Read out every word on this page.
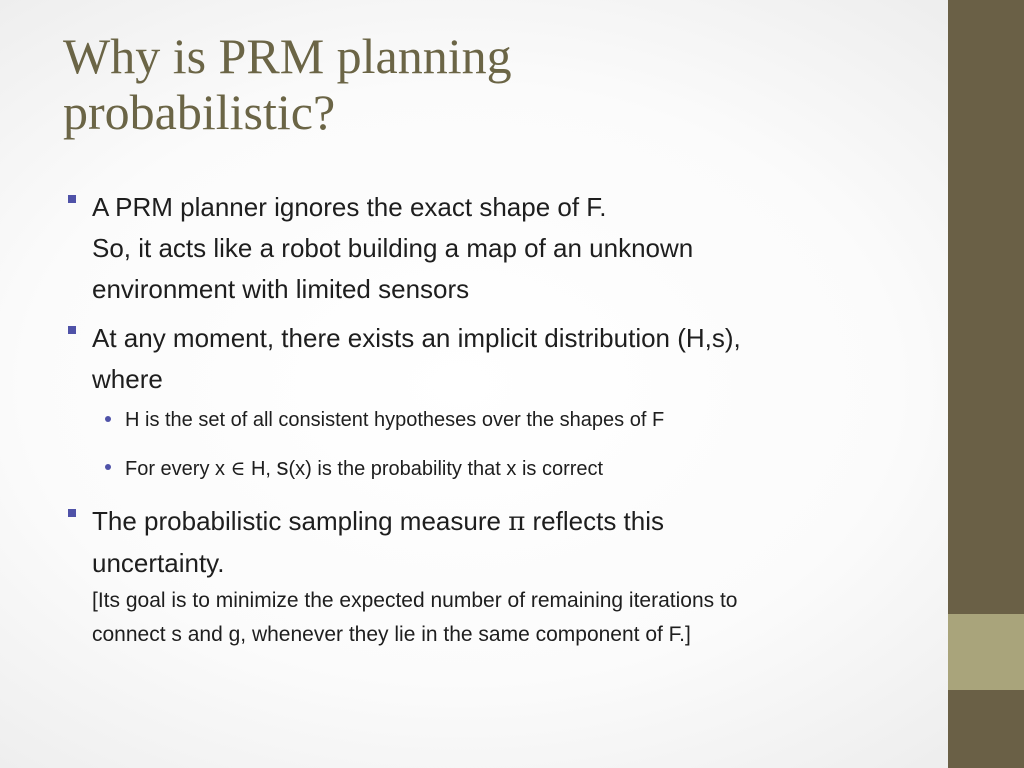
Why is PRM planning
probabilistic?
A PRM planner ignores the exact shape of F.
So, it acts like a robot building a map of an unknown
environment with limited sensors
At any moment, there exists an implicit distribution (H,s),
where
H is the set of all consistent hypotheses over the shapes of F
For every x ∈ H, s(x) is the probability that x is correct
The probabilistic sampling measure π reflects this
uncertainty.
[Its goal is to minimize the expected number of remaining iterations to
connect s and g, whenever they lie in the same component of F.]
